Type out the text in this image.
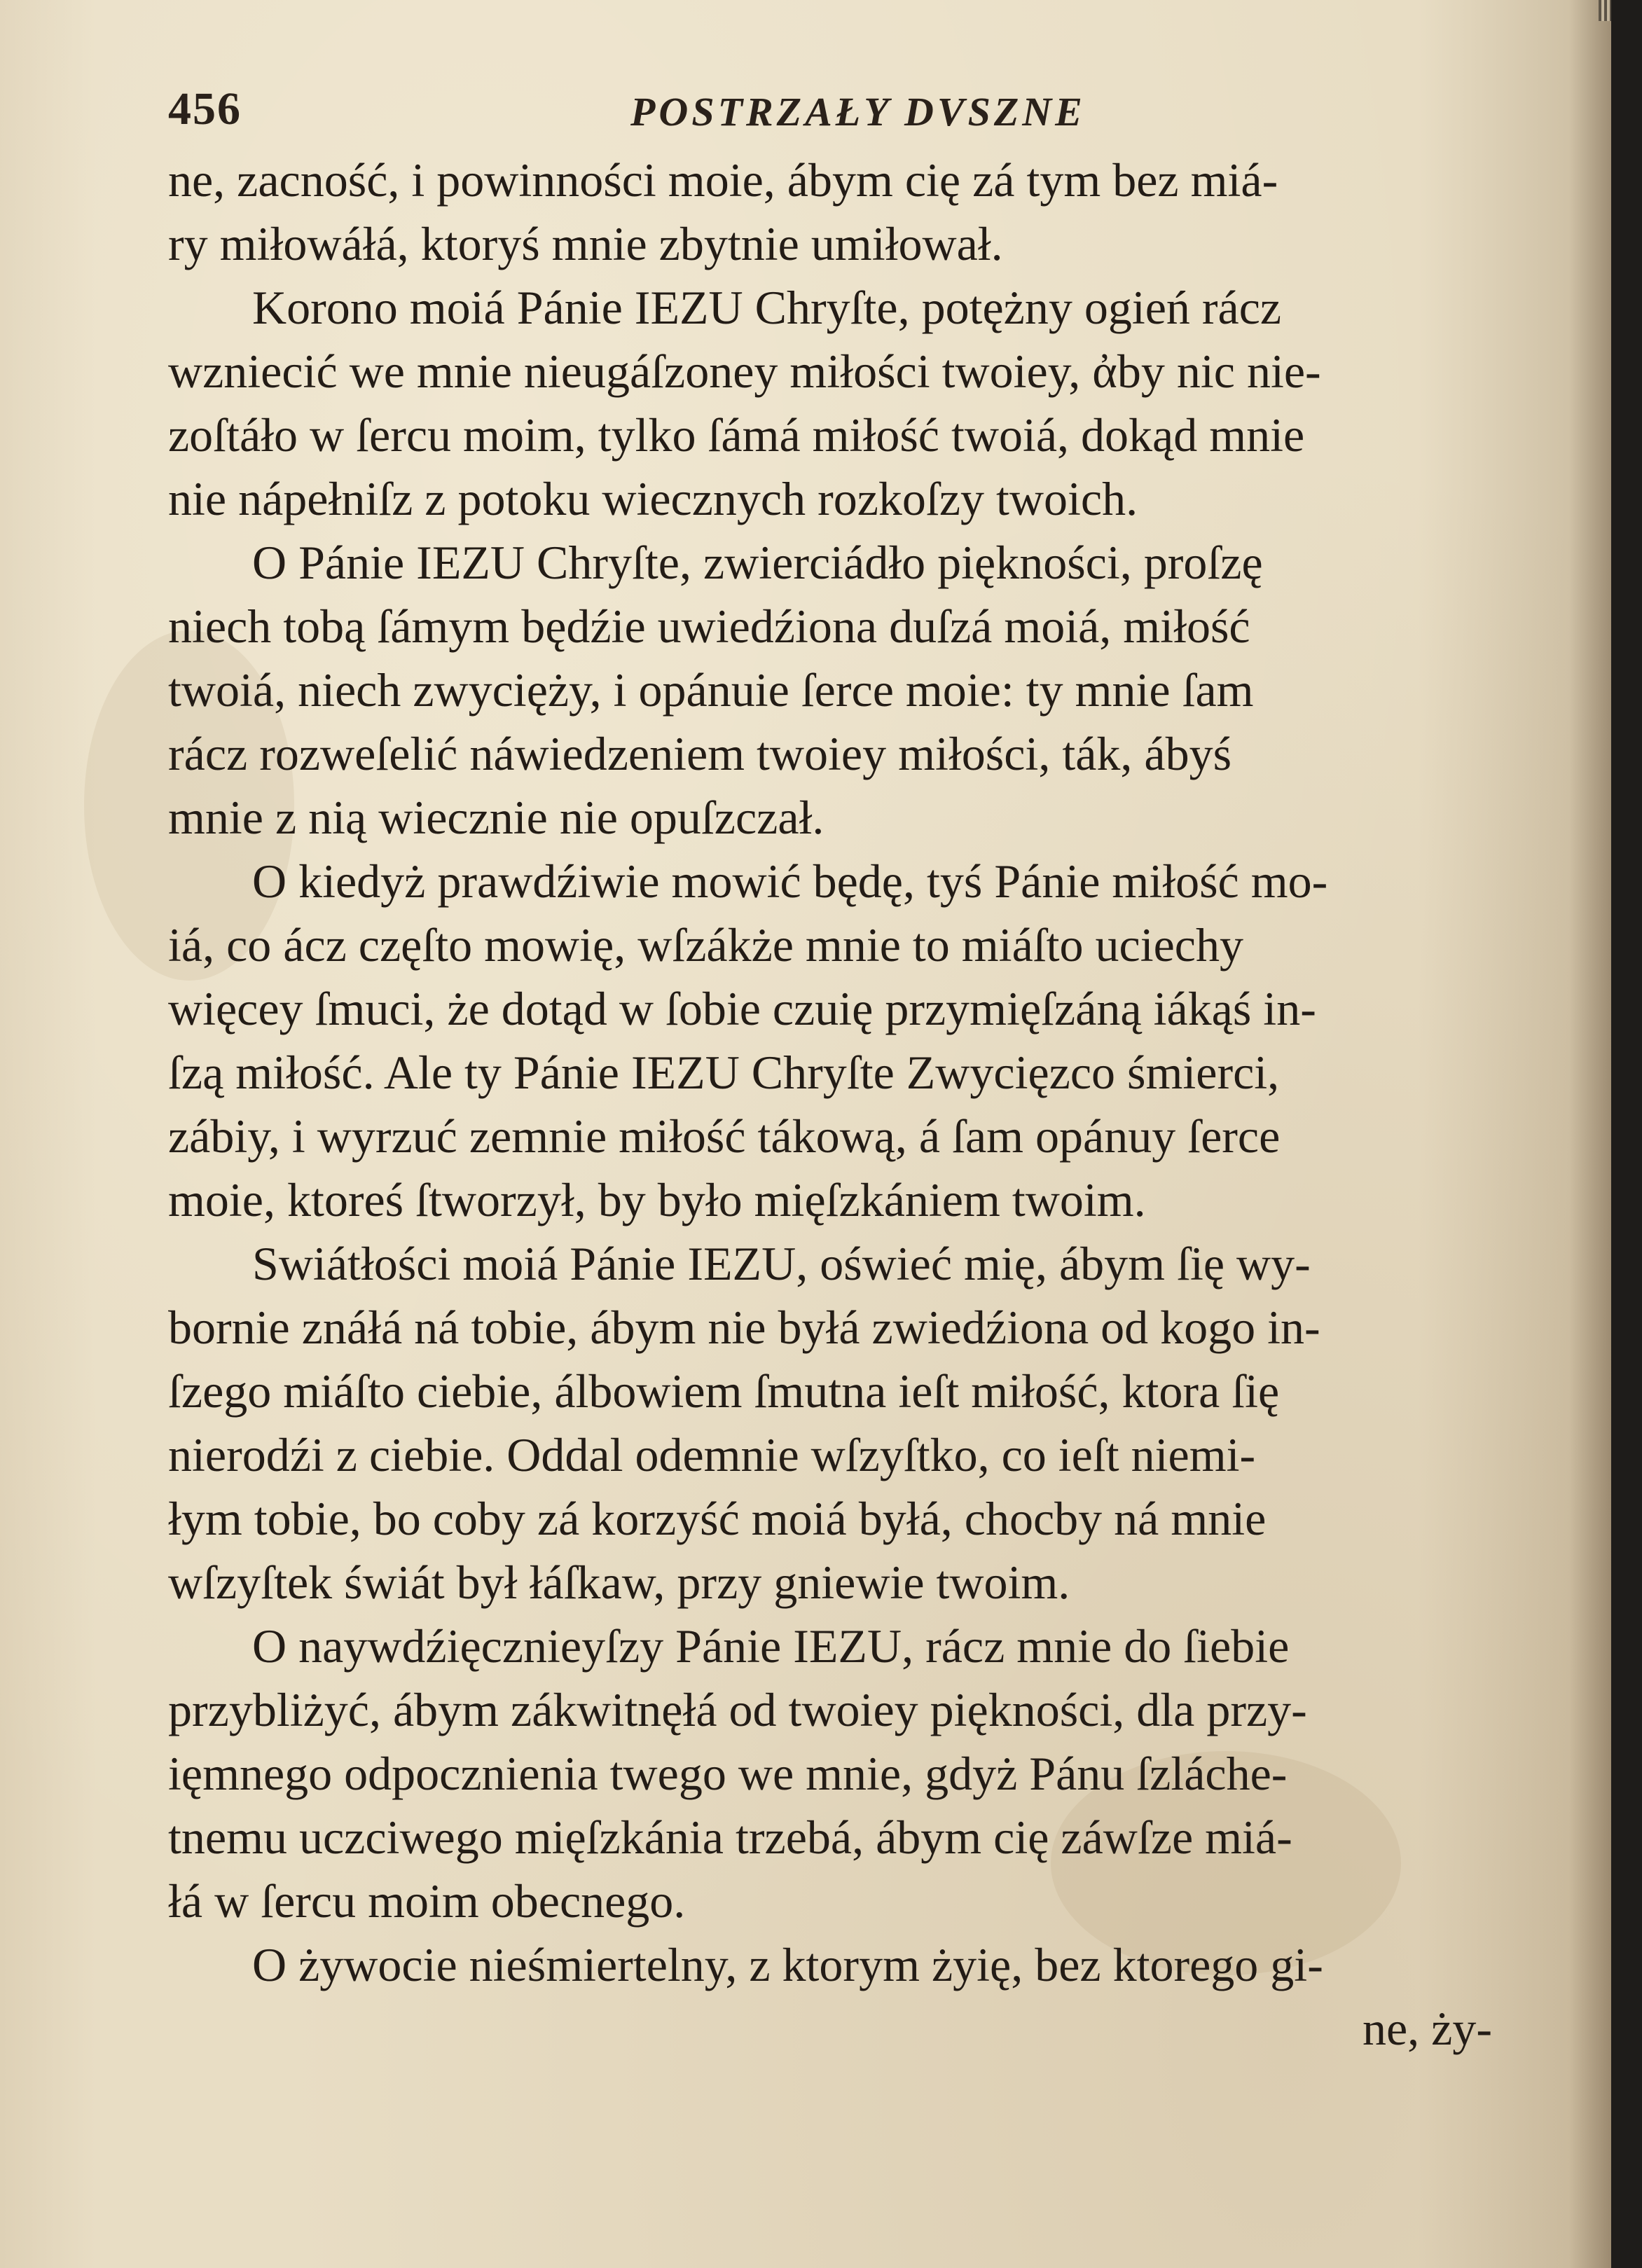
456	POSTRZAŁY DVSZNE
ne, zacność, i powinności moie, ábym cię zá tym bez miá-
ry miłowáłá, ktoryś mnie zbytnie umiłował.
Korono moiá Pánie IEZU Chryſte, potężny ogień rácz
wzniecić we mnie nieugáſzoney miłości twoiey, ἀby nic nie-
zoſtáło w ſercu moim, tylko ſámá miłość twoiá, dokąd mnie
nie nápełniſz z potoku wiecznych rozkoſzy twoich.
O Pánie IEZU Chryſte, zwierciádło piękności, proſzę
niech tobą ſámym będźie uwiedźiona duſzá moiá, miłość
twoiá, niech zwycięży, i opánuie ſerce moie: ty mnie ſam
rácz rozweſelić náwiedzeniem twoiey miłości, ták, ábyś
mnie z nią wiecznie nie opuſzczał.
O kiedyż prawdźiwie mowić będę, tyś Pánie miłość mo-
iá, co ácz częſto mowię, wſzákże mnie to miáſto uciechy
więcey ſmuci, że dotąd w ſobie czuię przymięſzáną iákąś in-
ſzą miłość. Ale ty Pánie IEZU Chryſte Zwycięzco śmierci,
zábiy, i wyrzuć zemnie miłość tákową, á ſam opánuy ſerce
moie, ktoreś ſtworzył, by było mięſzkániem twoim.
Swiátłości moiá Pánie IEZU, oświeć mię, ábym ſię wy-
bornie znáłá ná tobie, ábym nie byłá zwiedźiona od kogo in-
ſzego miáſto ciebie, álbowiem ſmutna ieſt miłość, ktora ſię
nierodźi z ciebie. Oddal odemnie wſzyſtko, co ieſt niemi-
łym tobie, bo coby zá korzyść moiá byłá, chocby ná mnie
wſzyſtek świát był łáſkaw, przy gniewie twoim.
O naywdźięcznieyſzy Pánie IEZU, rácz mnie do ſiebie
przybliżyć, ábym zákwitnęłá od twoiey piękności, dla przy-
ięmnego odpocznienia twego we mnie, gdyż Pánu ſzláche-
tnemu uczciwego mięſzkánia trzebá, ábym cię záwſze miá-
łá w ſercu moim obecnego.
O żywocie nieśmiertelny, z ktorym żyię, bez ktorego gi-
ne, ży-
